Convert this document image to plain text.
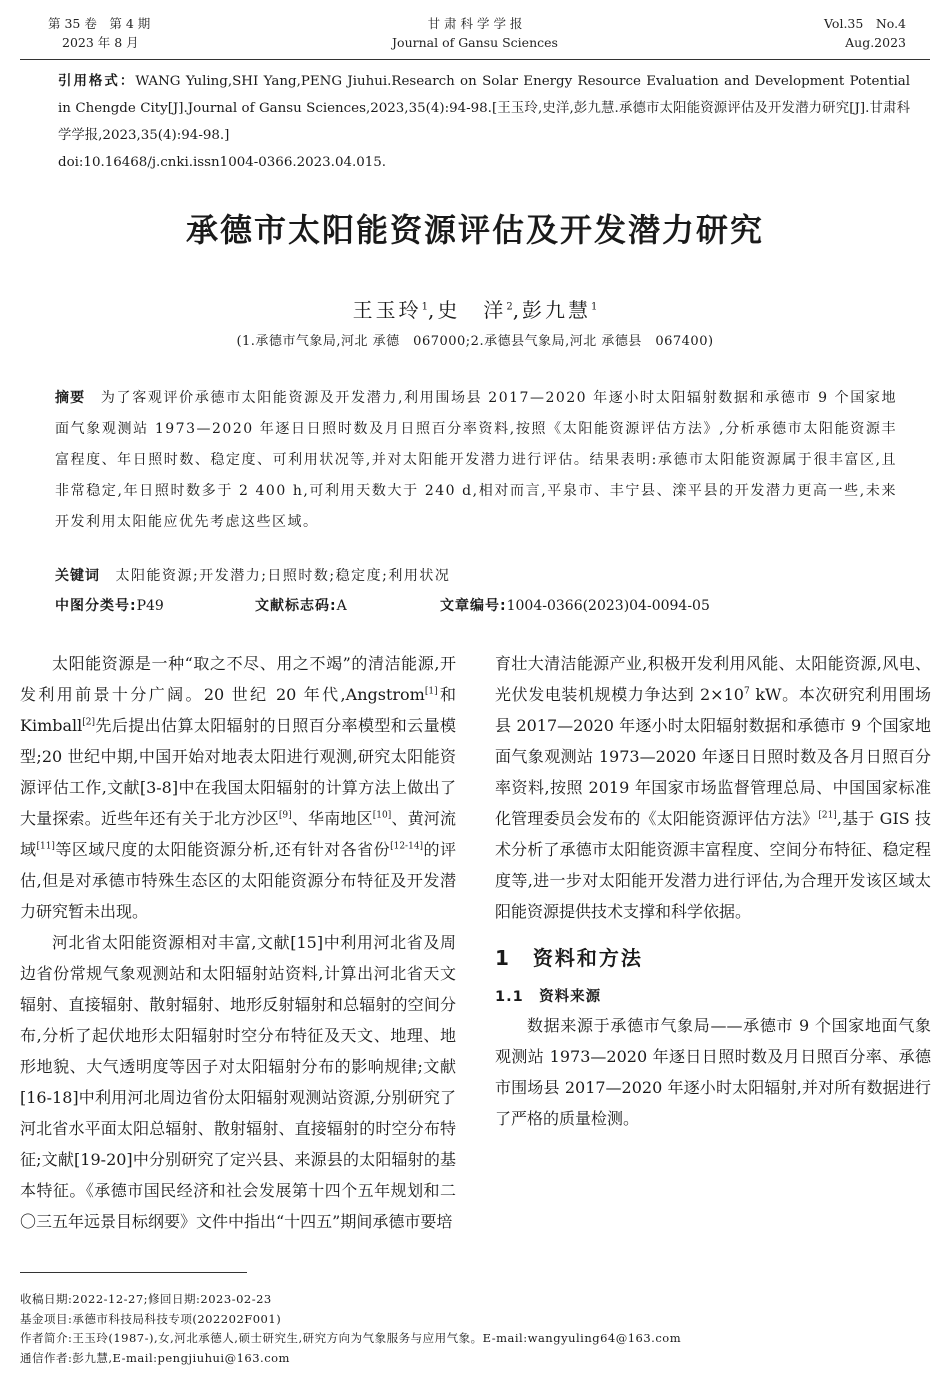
第 35 卷　第 4 期
2023 年 8 月
甘 肃 科 学 学 报
Journal of Gansu Sciences
Vol.35　No.4
Aug.2023
引用格式：WANG Yuling,SHI Yang,PENG Jiuhui.Research on Solar Energy Resource Evaluation and Development Potential in Chengde City[J].Journal of Gansu Sciences,2023,35(4):94-98.[王玉玲,史洋,彭九慧.承德市太阳能资源评估及开发潜力研究[J].甘肃科学学报,2023,35(4):94-98.]
doi:10.16468/j.cnki.issn1004-0366.2023.04.015.
承德市太阳能资源评估及开发潜力研究
王玉玲$^1$,史　洋$^2$,彭九慧$^1$
(1.承德市气象局,河北 承德　067000;2.承德县气象局,河北 承德县　067400)
摘要　 为了客观评价承德市太阳能资源及开发潜力,利用围场县 2017—2020 年逐小时太阳辐射数据和承德市 9 个国家地面气象观测站 1973—2020 年逐日日照时数及月日照百分率资料,按照《太阳能资源评估方法》,分析承德市太阳能资源丰富程度、年日照时数、稳定度、可利用状况等,并对太阳能开发潜力进行评估。结果表明:承德市太阳能资源属于很丰富区,且非常稳定,年日照时数多于 2 400 h,可利用天数大于 240 d,相对而言,平泉市、丰宁县、滦平县的开发潜力更高一些,未来开发利用太阳能应优先考虑这些区域。
关键词　 太阳能资源;开发潜力;日照时数;稳定度;利用状况
中图分类号:P49	文献标志码:A	文章编号:1004-0366(2023)04-0094-05

太阳能资源是一种“取之不尽、用之不竭”的清洁能源,开发利用前景十分广阔。20 世纪 20 年代,Angstrom[1]和 Kimball[2]先后提出估算太阳辐射的日照百分率模型和云量模型;20 世纪中期,中国开始对地表太阳进行观测,研究太阳能资源评估工作,文献[3-8]中在我国太阳辐射的计算方法上做出了大量探索。近些年还有关于北方沙区[9]、华南地区[10]、黄河流域[11]等区域尺度的太阳能资源分析,还有针对各省份[12-14]的评估,但是对承德市特殊生态区的太阳能资源分布特征及开发潜力研究暂未出现。

河北省太阳能资源相对丰富,文献[15]中利用河北省及周边省份常规气象观测站和太阳辐射站资料,计算出河北省天文辐射、直接辐射、散射辐射、地形反射辐射和总辐射的空间分布,分析了起伏地形太阳辐射时空分布特征及天文、地理、地形地貌、大气透明度等因子对太阳辐射分布的影响规律;文献[16-18]中利用河北周边省份太阳辐射观测站资源,分别研究了河北省水平面太阳总辐射、散射辐射、直接辐射的时空分布特征;文献[19-20]中分别研究了定兴县、来源县的太阳辐射的基本特征。《承德市国民经济和社会发展第十四个五年规划和二〇三五年远景目标纲要》文件中指出“十四五”期间承德市要培

育壮大清洁能源产业,积极开发利用风能、太阳能资源,风电、光伏发电装机规模力争达到 $2\times 10^7$ kW。本次研究利用围场县 2017—2020 年逐小时太阳辐射数据和承德市 9 个国家地面气象观测站 1973—2020 年逐日日照时数及各月日照百分率资料,按照 2019 年国家市场监督管理总局、中国国家标准化管理委员会发布的《太阳能资源评估方法》[21],基于 GIS 技术分析了承德市太阳能资源丰富程度、空间分布特征、稳定程度等,进一步对太阳能开发潜力进行评估,为合理开发该区域太阳能资源提供技术支撑和科学依据。

1　资料和方法
1.1　资料来源

数据来源于承德市气象局——承德市 9 个国家地面气象观测站 1973—2020 年逐日日照时数及月日照百分率、承德市围场县 2017—2020 年逐小时太阳辐射,并对所有数据进行了严格的质量检测。

收稿日期:2022-12-27;修回日期:2023-02-23
基金项目:承德市科技局科技专项(202202F001)
作者简介:王玉玲(1987-),女,河北承德人,硕士研究生,研究方向为气象服务与应用气象。E-mail:wangyuling64@163.com
通信作者:彭九慧,E-mail:pengjiuhui@163.com
